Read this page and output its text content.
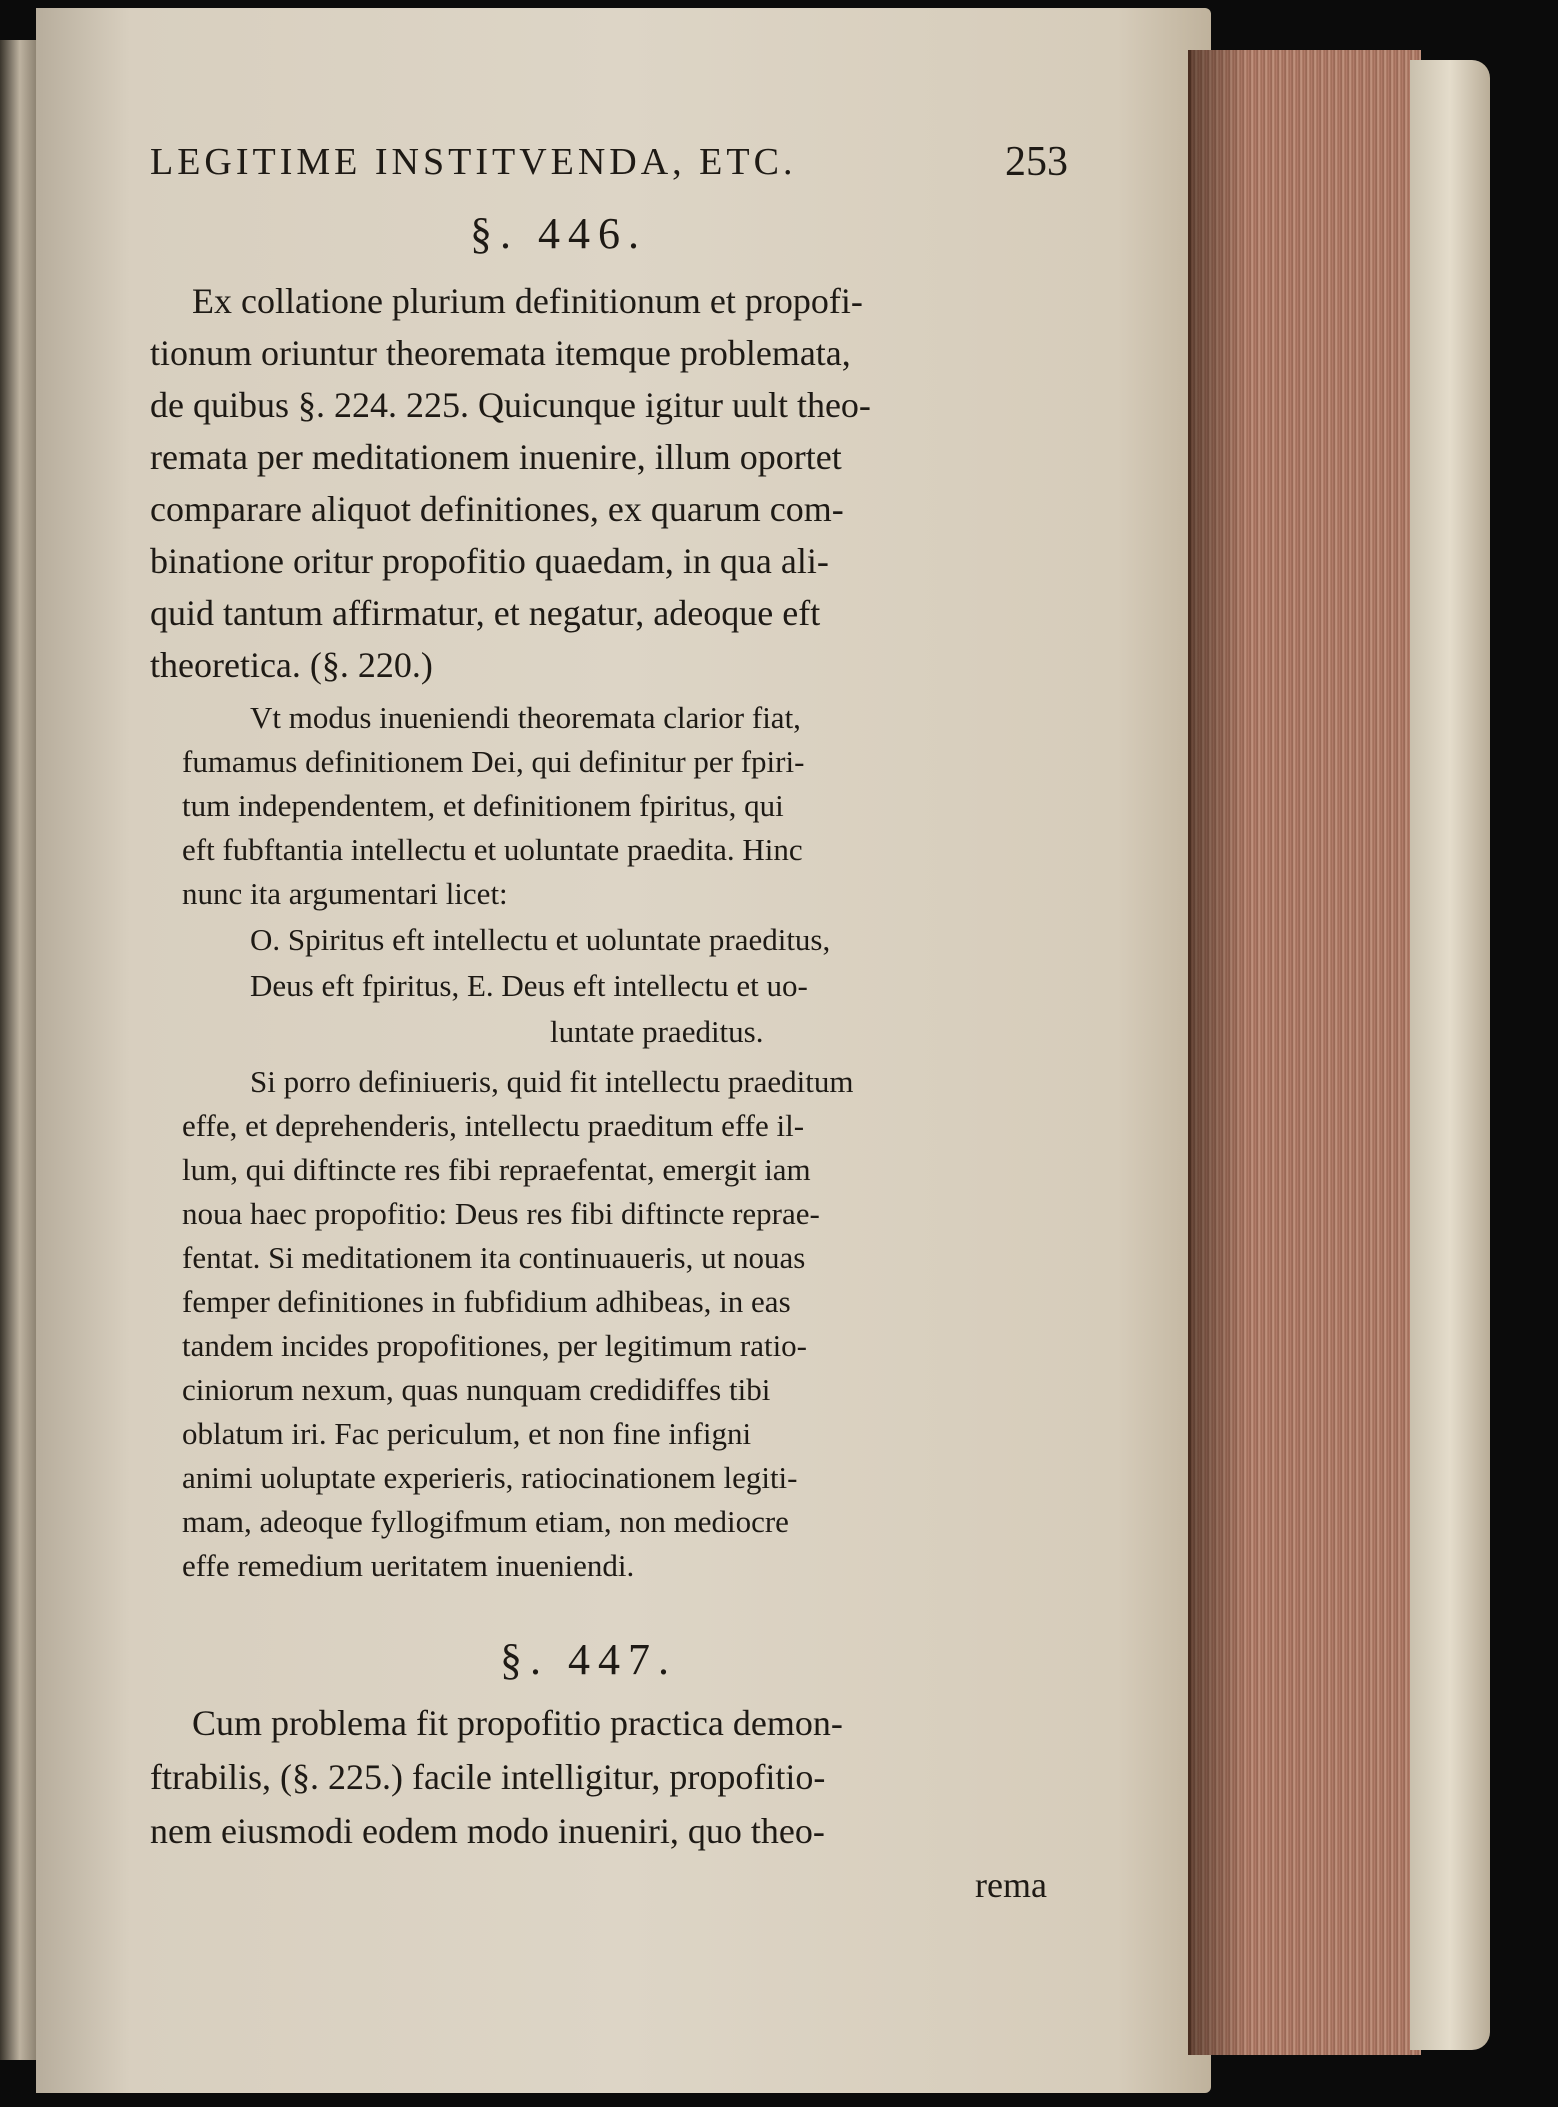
LEGITIME INSTITVENDA, ETC.	253
§. 446.
Ex collatione plurium definitionum et propofi-
tionum oriuntur theoremata itemque problemata,
de quibus §. 224. 225. Quicunque igitur uult theo-
remata per meditationem inuenire, illum oportet
comparare aliquot definitiones, ex quarum com-
binatione oritur propofitio quaedam, in qua ali-
quid tantum affirmatur, et negatur, adeoque eft
theoretica. (§. 220.)
Vt modus inueniendi theoremata clarior fiat,
fumamus definitionem Dei, qui definitur per fpiri-
tum independentem, et definitionem fpiritus, qui
eft fubftantia intellectu et uoluntate praedita. Hinc
nunc ita argumentari licet:
O. Spiritus eft intellectu et uoluntate praeditus,
Deus eft fpiritus, E. Deus eft intellectu et uo-
luntate praeditus.
Si porro definiueris, quid fit intellectu praeditum
effe, et deprehenderis, intellectu praeditum effe il-
lum, qui diftincte res fibi repraefentat, emergit iam
noua haec propofitio: Deus res fibi diftincte reprae-
fentat. Si meditationem ita continuaueris, ut nouas
femper definitiones in fubfidium adhibeas, in eas
tandem incides propofitiones, per legitimum ratio-
ciniorum nexum, quas nunquam credidiffes tibi
oblatum iri. Fac periculum, et non fine infigni
animi uoluptate experieris, ratiocinationem legiti-
mam, adeoque fyllogifmum etiam, non mediocre
effe remedium ueritatem inueniendi.
§. 447.
Cum problema fit propofitio practica demon-
ftrabilis, (§. 225.) facile intelligitur, propofitio-
nem eiusmodi eodem modo inueniri, quo theo-
rema
